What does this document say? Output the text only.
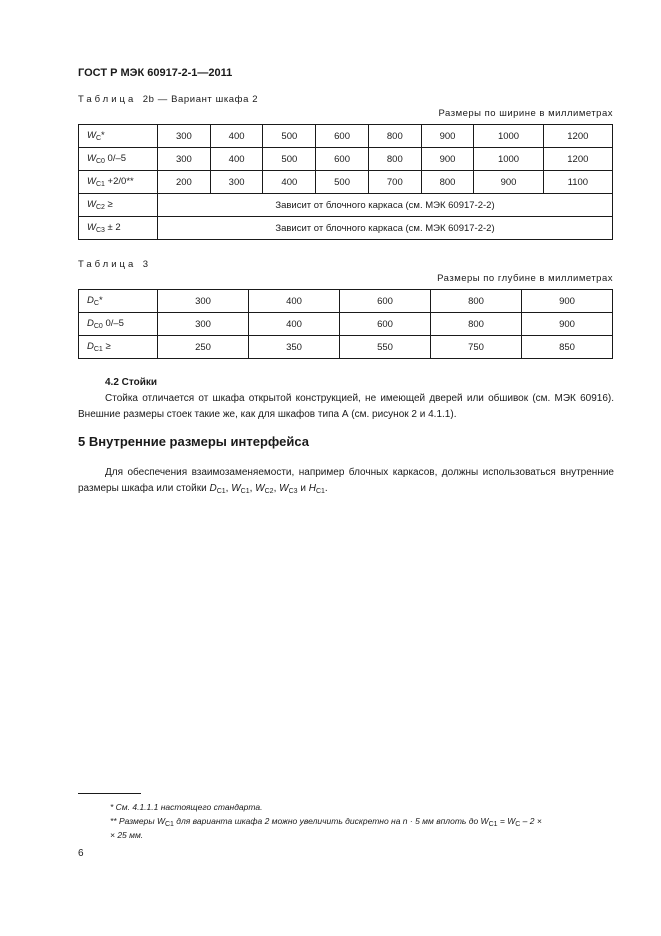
ГОСТ Р МЭК 60917-2-1—2011
Таблица 2b — Вариант шкафа 2
Размеры по ширине в миллиметрах
$W_C*$	300	400	500	600	800	900	1000	1200
$W_{C0}$ 0/–5	300	400	500	600	800	900	1000	1200
$W_{C1} +2/0**$	200	300	400	500	700	800	900	1100
$W_{C2}$ ≥	Зависит от блочного каркаса (см. МЭК 60917-2-2)							
$W_{C3} \pm 2$	Зависит от блочного каркаса (см. МЭК 60917-2-2)							
Таблица 3
Размеры по глубине в миллиметрах
$D_C*$	300	400	600	800	900
$D_{C0}$ 0/–5	300	400	600	800	900
$D_{C1}$ ≥	250	350	550	750	850
4.2 Стойки
Стойка отличается от шкафа открытой конструкцией, не имеющей дверей или обшивок (см. МЭК 60916). Внешние размеры стоек такие же, как для шкафов типа А (см. рисунок 2 и 4.1.1).
5 Внутренние размеры интерфейса
Для обеспечения взаимозаменяемости, например блочных каркасов, должны использоваться внутренние размеры шкафа или стойки $D_{C1}$, $W_{C1}$, $W_{C2}$, $W_{C3}$ и $H_{C1}$.
* См. 4.1.1.1 настоящего стандарта.
** Размеры $W_{C1}$ для варианта шкафа 2 можно увеличить дискретно на n · 5 мм вплоть до $W_{C1} = W_C - 2$ ×
× 25 мм.
6
